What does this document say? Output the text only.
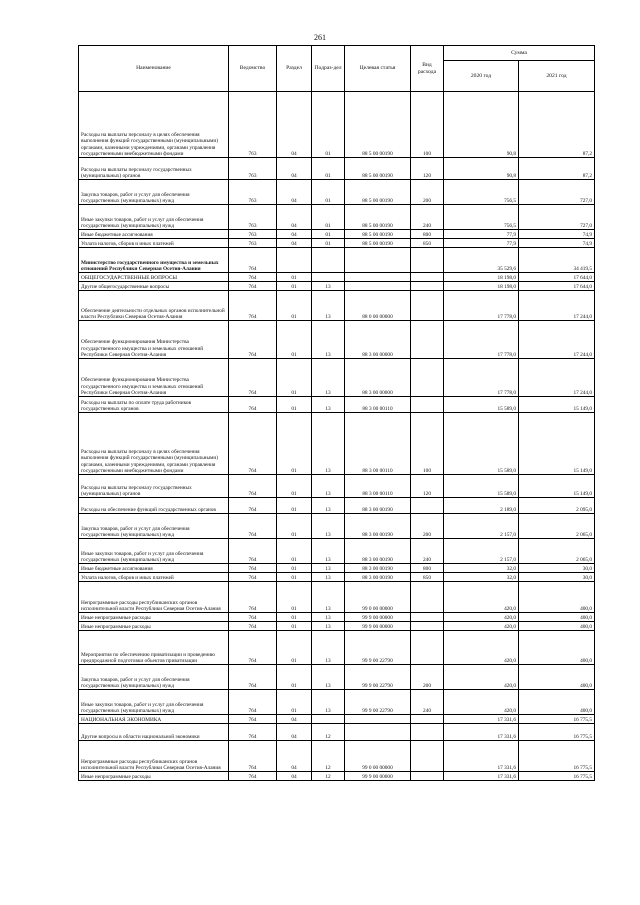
261
Наименование	Ведомство	Раздел	Подраз-дел	Целевая статья	Вид расхода	Сумма	
						2020 год	2021 год
Расходы на выплаты персоналу в целях обеспечения выполнения функций государственными (муниципальными) органами, казенными учреждениями, органами управления государственными внебюджетными фондами	763	04	01	88 5 00 00190	100	90,8	87,2
Расходы на выплаты персоналу государственных (муниципальных) органов	763	04	01	88 5 00 00190	120	90,8	87,2
Закупка товаров, работ и услуг для обеспечения государственных (муниципальных) нужд	763	04	01	88 5 00 00190	200	756,5	727,0
Иные закупки товаров, работ и услуг для обеспечения государственных (муниципальных) нужд	763	04	01	88 5 00 00190	240	756,5	727,0
Иные бюджетные ассигнования	763	04	01	88 5 00 00190	800	77,9	74,9
Уплата налогов, сборов и иных платежей	763	04	01	88 5 00 00190	850	77,9	74,9
Министерство государственного имущества и земельных отношений Республики Северная Осетия-Алания	764					35 529,6	34 419,5
ОБЩЕГОСУДАРСТВЕННЫЕ ВОПРОСЫ	764	01				18 198,0	17 644,0
Другие общегосударственные вопросы	764	01	13			18 198,0	17 644,0
Обеспечение деятельности отдельных органов исполнительной власти Республики Северная Осетия-Алания	764	01	13	88 0 00 00000		17 778,0	17 244,0
Обеспечение функционирования Министерства государственного имущества и земельных отношений Республики Северная Осетия-Алания	764	01	13	88 3 00 00000		17 778,0	17 244,0
Обеспечение функционирования Министерства государственного имущества и земельных отношений Республики Северная Осетия-Алания	764	01	13	88 3 00 00000		17 778,0	17 244,0
Расходы на выплаты по оплате труда работников государственных органов	764	01	13	88 3 00 00110		15 589,0	15 149,0
Расходы на выплаты персоналу в целях обеспечения выполнения функций государственными (муниципальными) органами, казенными учреждениями, органами управления государственными внебюджетными фондами	764	01	13	88 3 00 00110	100	15 589,0	15 149,0
Расходы на выплаты персоналу государственных (муниципальных) органов	764	01	13	88 3 00 00110	120	15 589,0	15 149,0
Расходы на обеспечение функций государственных органов	764	01	13	88 3 00 00190		2 189,0	2 095,0
Закупка товаров, работ и услуг для обеспечения государственных (муниципальных) нужд	764	01	13	88 3 00 00190	200	2 157,0	2 065,0
Иные закупки товаров, работ и услуг для обеспечения государственных (муниципальных) нужд	764	01	13	88 3 00 00190	240	2 157,0	2 065,0
Иные бюджетные ассигнования	764	01	13	88 3 00 00190	800	32,0	30,0
Уплата налогов, сборов и иных платежей	764	01	13	88 3 00 00190	850	32,0	30,0
Непрограммные расходы республиканских органов исполнительной власти Республики Северная Осетия-Алания	764	01	13	99 0 00 00000		420,0	400,0
Иные непрограммные расходы	764	01	13	99 9 00 00000		420,0	400,0
Иные непрограммные расходы	764	01	13	99 9 00 00000		420,0	400,0
Мероприятия по обеспечению приватизации и проведению предпродажной подготовки объектов приватизации	764	01	13	99 9 00 22790		420,0	400,0
Закупка товаров, работ и услуг для обеспечения государственных (муниципальных) нужд	764	01	13	99 9 00 22790	200	420,0	400,0
Иные закупки товаров, работ и услуг для обеспечения государственных (муниципальных) нужд	764	01	13	99 9 00 22790	240	420,0	400,0
НАЦИОНАЛЬНАЯ ЭКОНОМИКА	764	04				17 331,6	16 775,5
Другие вопросы в области национальной экономики	764	04	12			17 331,6	16 775,5
Непрограммные расходы республиканских органов исполнительной власти Республики Северная Осетия-Алания	764	04	12	99 0 00 00000		17 331,6	16 775,5
Иные непрограммные расходы	764	04	12	99 9 00 00000		17 331,6	16 775,5
